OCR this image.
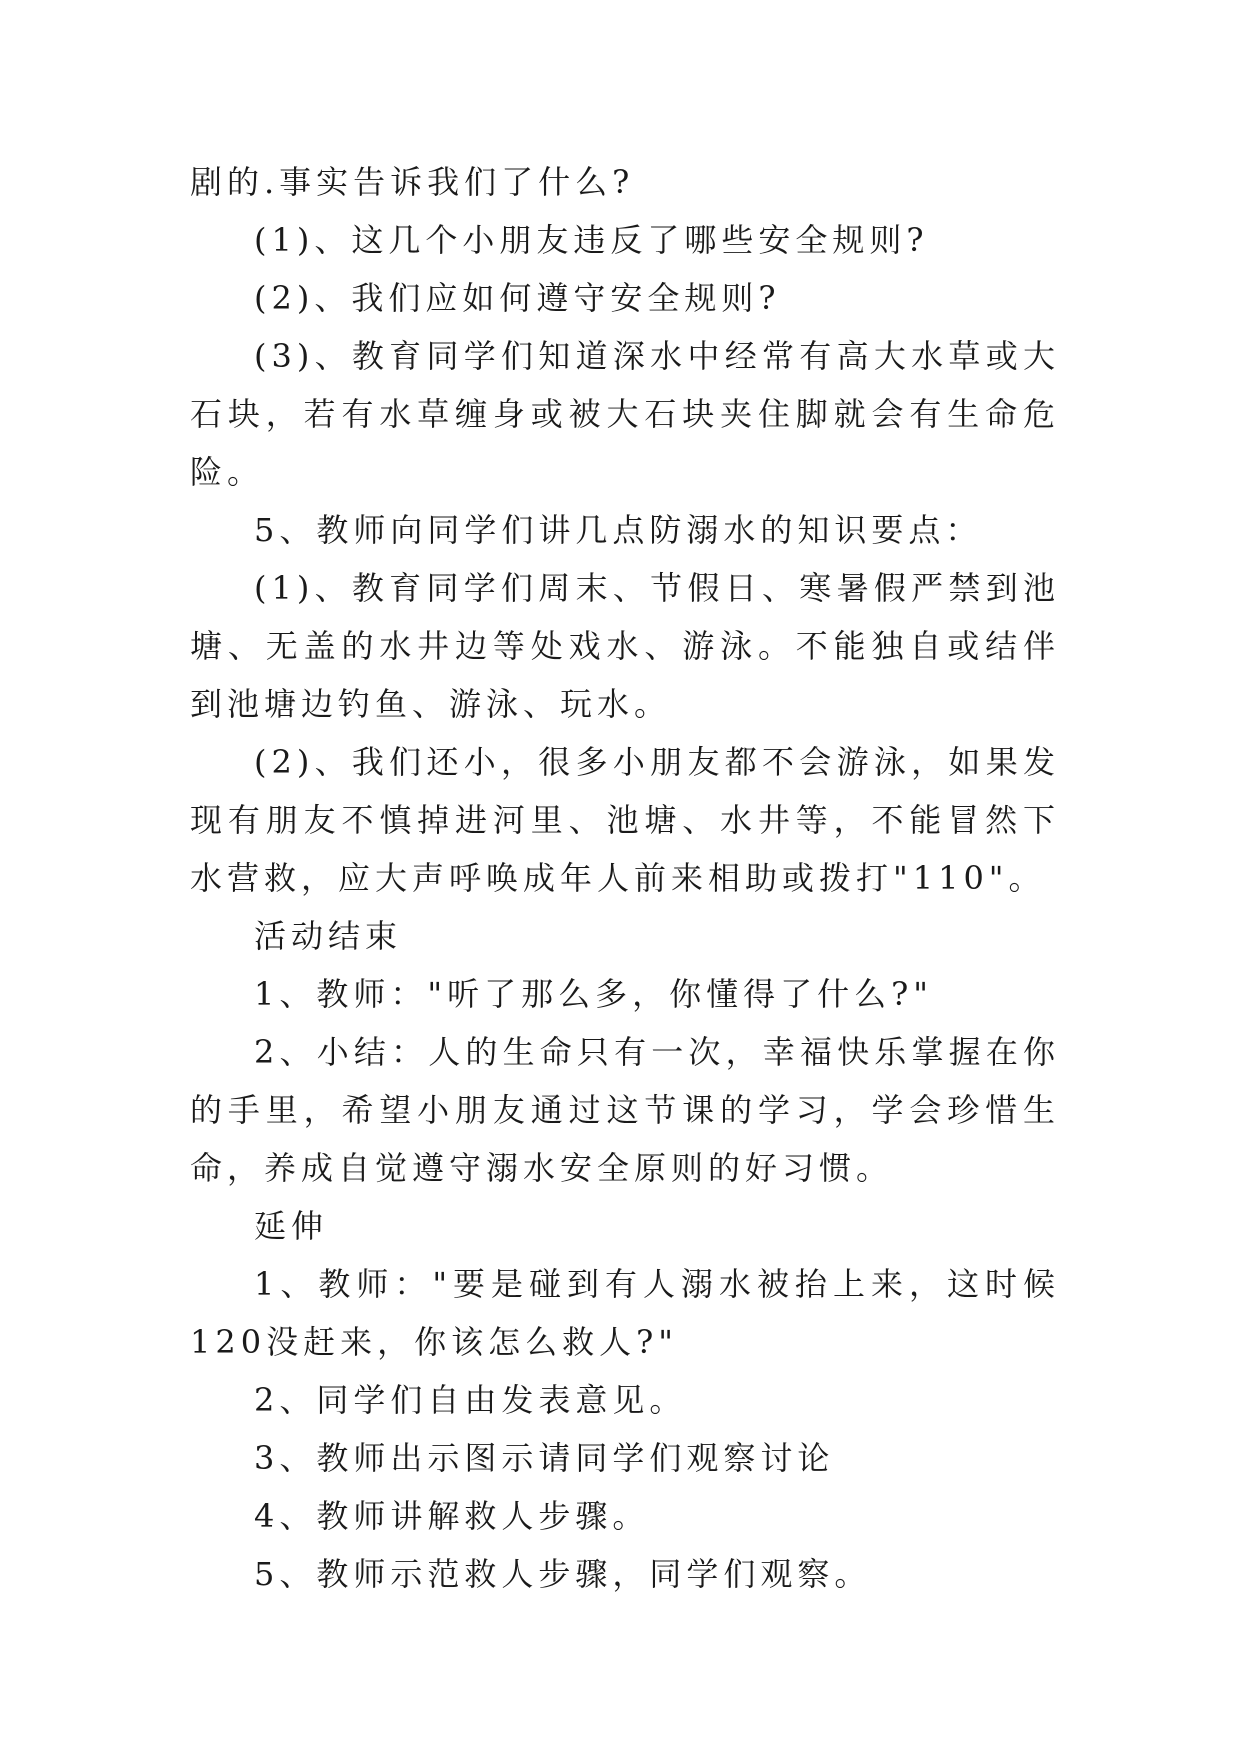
剧的.事实告诉我们了什么?

(1)、这几个小朋友违反了哪些安全规则?

(2)、我们应如何遵守安全规则?

(3)、教育同学们知道深水中经常有高大水草或大石块，若有水草缠身或被大石块夹住脚就会有生命危险。

5、教师向同学们讲几点防溺水的知识要点：

(1)、教育同学们周末、节假日、寒暑假严禁到池塘、无盖的水井边等处戏水、游泳。不能独自或结伴到池塘边钓鱼、游泳、玩水。

(2)、我们还小，很多小朋友都不会游泳，如果发现有朋友不慎掉进河里、池塘、水井等，不能冒然下水营救，应大声呼唤成年人前来相助或拨打"110"。

活动结束

1、教师："听了那么多，你懂得了什么?"

2、小结：人的生命只有一次，幸福快乐掌握在你的手里，希望小朋友通过这节课的学习，学会珍惜生命，养成自觉遵守溺水安全原则的好习惯。

延伸

1、教师："要是碰到有人溺水被抬上来，这时候120没赶来，你该怎么救人?"

2、同学们自由发表意见。

3、教师出示图示请同学们观察讨论

4、教师讲解救人步骤。

5、教师示范救人步骤，同学们观察。
